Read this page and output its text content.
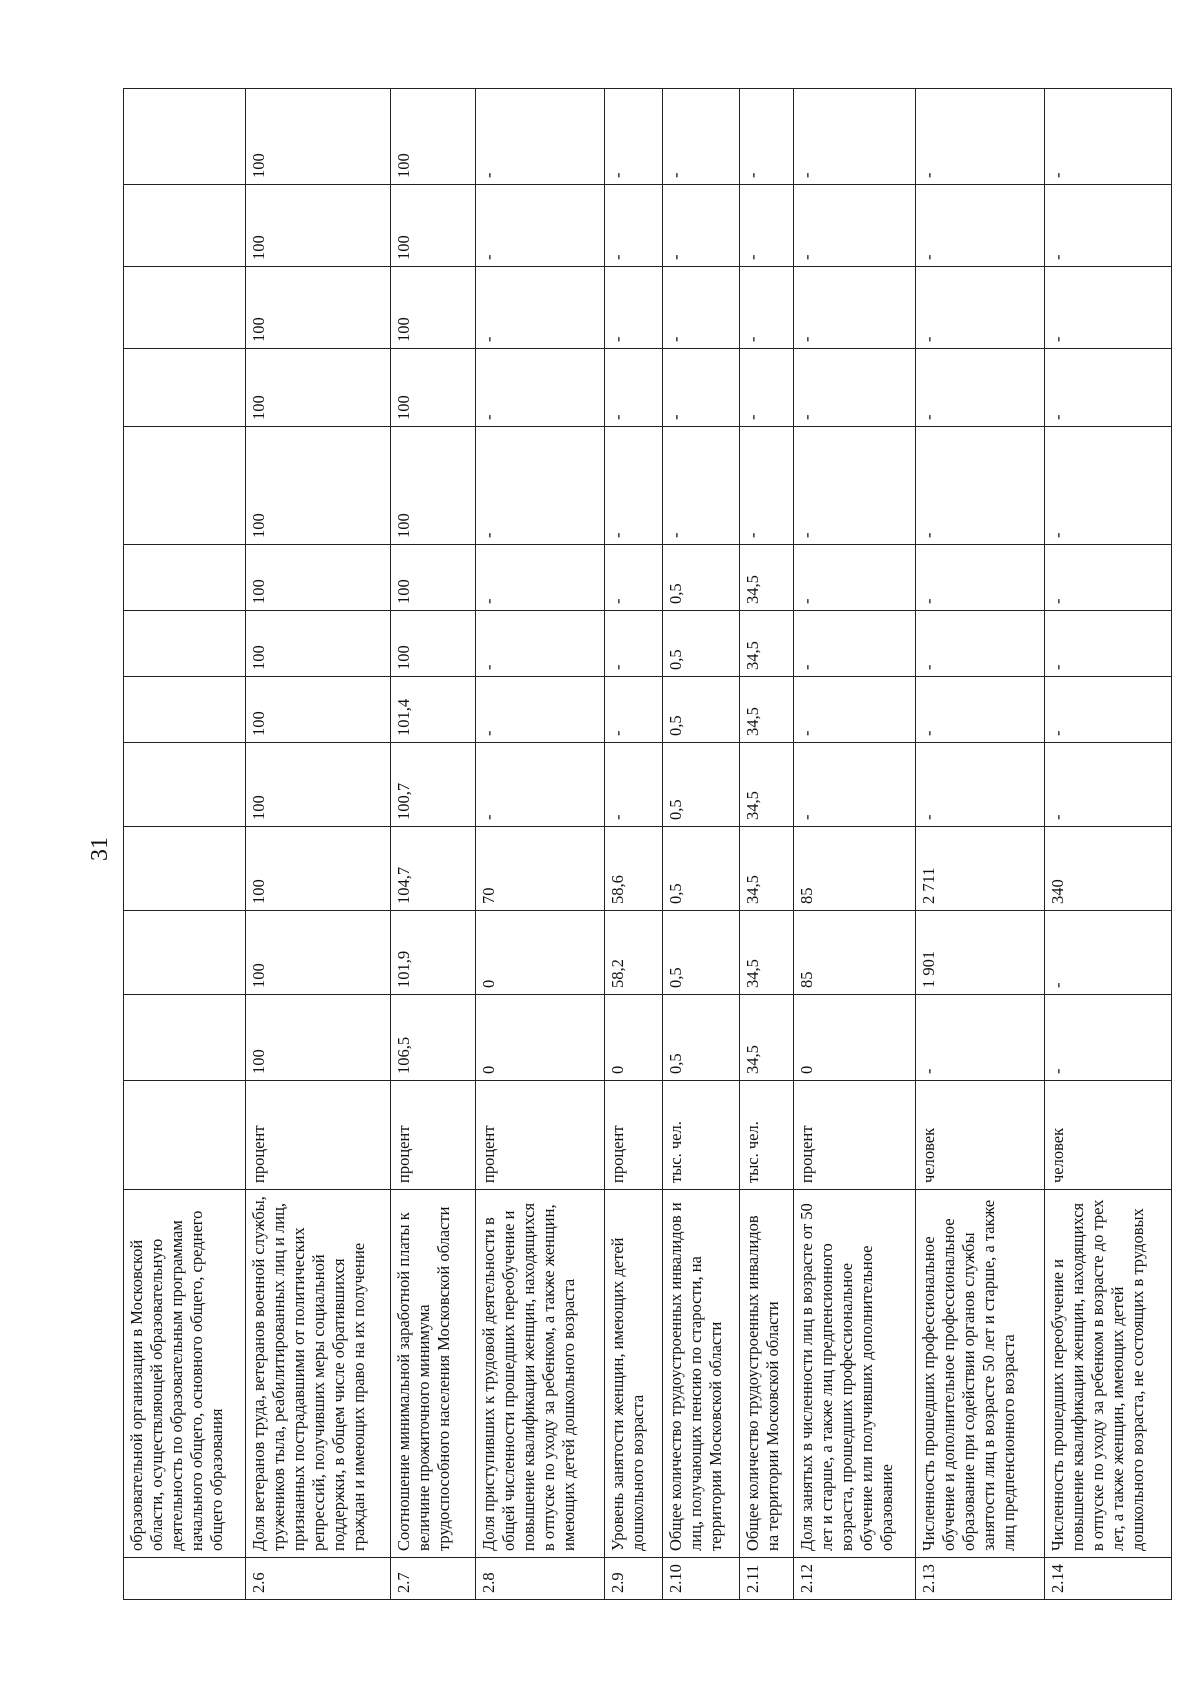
31
	образовательной организации в Московской области, осуществляющей образовательную деятельность по образовательным программам начального общего, основного общего, среднего общего образования													
2.6	Доля ветеранов труда, ветеранов военной службы, тружеников тыла, реабилитированных лиц и лиц, признанных пострадавшими от политических репрессий, получивших меры социальной поддержки, в общем числе обратившихся граждан и имеющих право на их получение	процент	100	100	100	100	100	100	100	100	100	100	100	100
2.7	Соотношение минимальной заработной платы к величине прожиточного минимума трудоспособного населения Московской области	процент	106,5	101,9	104,7	100,7	101,4	100	100	100	100	100	100	100
2.8	Доля приступивших к трудовой деятельности в общей численности прошедших переобучение и повышение квалификации женщин, находящихся в отпуске по уходу за ребенком, а также женщин, имеющих детей дошкольного возраста	процент	0	0	70	-	-	-	-	-	-	-	-	-
2.9	Уровень занятости женщин, имеющих детей дошкольного возраста	процент	0	58,2	58,6	-	-	-	-	-	-	-	-	-
2.10	Общее количество трудоустроенных инвалидов и лиц, получающих пенсию по старости, на территории Московской области	тыс. чел.	0,5	0,5	0,5	0,5	0,5	0,5	0,5	-	-	-	-	-
2.11	Общее количество трудоустроенных инвалидов на территории Московской области	тыс. чел.	34,5	34,5	34,5	34,5	34,5	34,5	34,5	-	-	-	-	-
2.12	Доля занятых в численности лиц в возрасте от 50 лет и старше, а также лиц предпенсионного возраста, прошедших профессиональное обучение или получивших дополнительное образование	процент	0	85	85	-	-	-	-	-	-	-	-	-
2.13	Численность прошедших профессиональное обучение и дополнительное профессиональное образование при содействии органов службы занятости лиц в возрасте 50 лет и старше, а также лиц предпенсионного возраста	человек	-	1 901	2 711	-	-	-	-	-	-	-	-	-
2.14	Численность прошедших переобучение и повышение квалификации женщин, находящихся в отпуске по уходу за ребенком в возрасте до трех лет, а также женщин, имеющих детей дошкольного возраста, не состоящих в трудовых	человек	-	-	340	-	-	-	-	-	-	-	-	-
